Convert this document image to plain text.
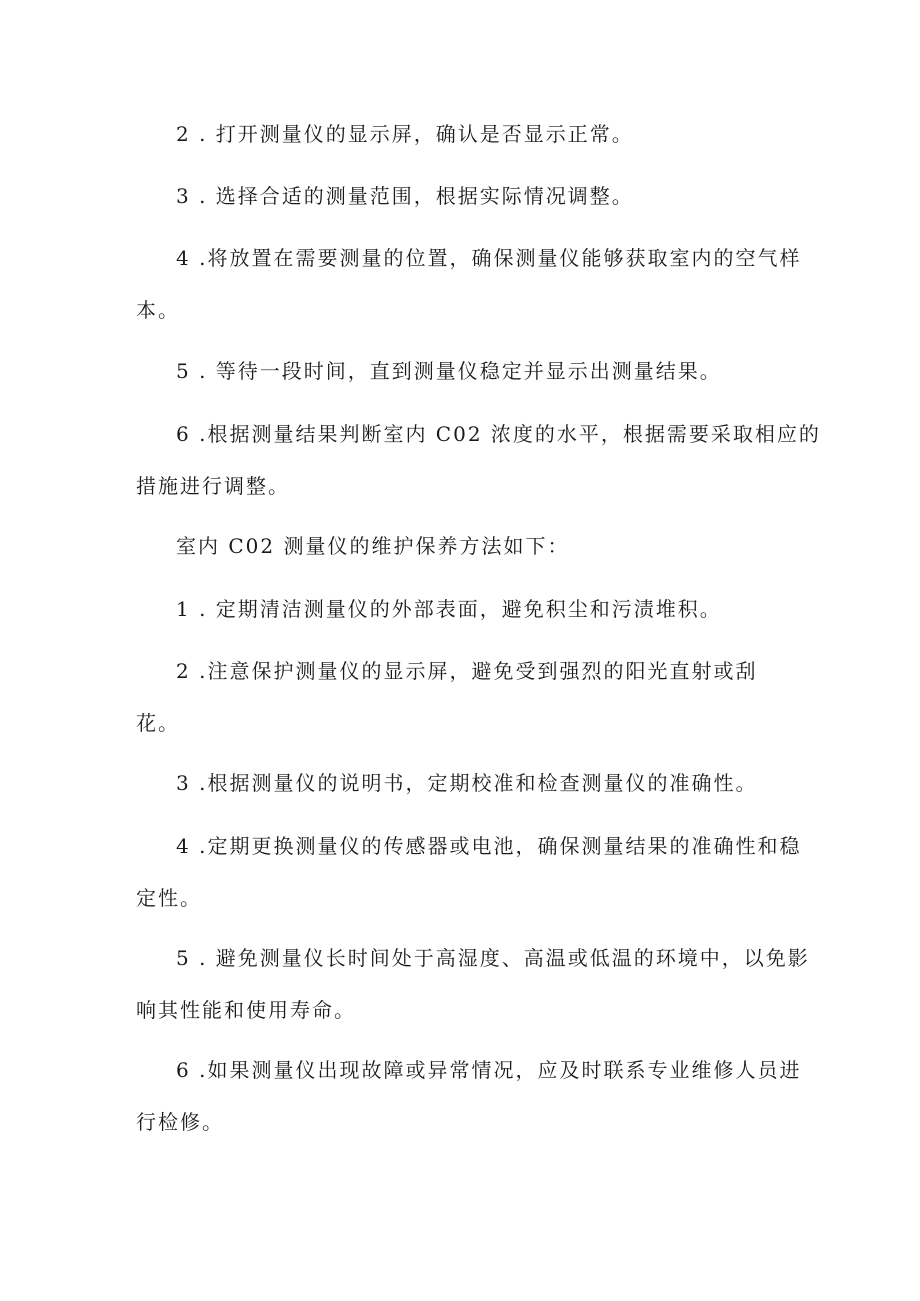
2 . 打开测量仪的显示屏，确认是否显示正常。
3 . 选择合适的测量范围，根据实际情况调整。
4 .将放置在需要测量的位置，确保测量仪能够获取室内的空气样
本。
5 . 等待一段时间，直到测量仪稳定并显示出测量结果。
6 .根据测量结果判断室内 C02 浓度的水平，根据需要采取相应的
措施进行调整。
室内 C02 测量仪的维护保养方法如下：
1 . 定期清洁测量仪的外部表面，避免积尘和污渍堆积。
2 .注意保护测量仪的显示屏，避免受到强烈的阳光直射或刮
花。
3 .根据测量仪的说明书，定期校准和检查测量仪的准确性。
4 .定期更换测量仪的传感器或电池，确保测量结果的准确性和稳
定性。
5 . 避免测量仪长时间处于高湿度、高温或低温的环境中，以免影
响其性能和使用寿命。
6 .如果测量仪出现故障或异常情况，应及时联系专业维修人员进
行检修。
